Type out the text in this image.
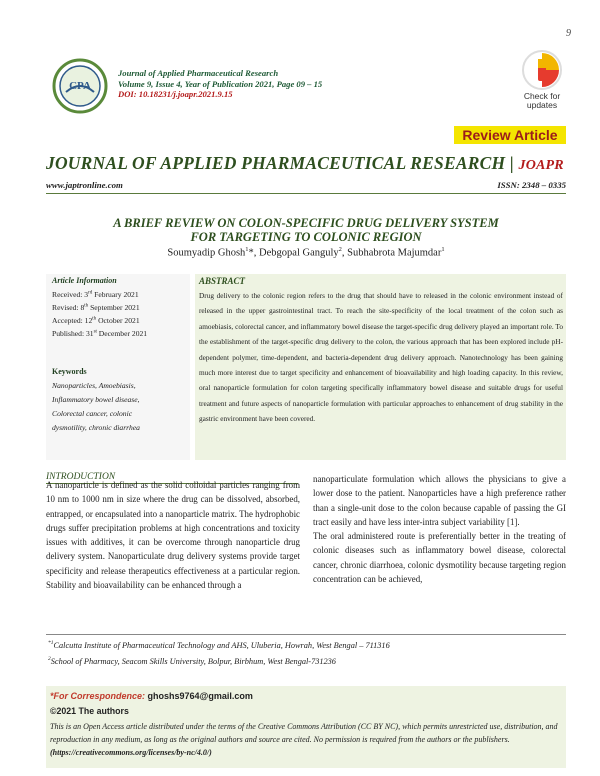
9
CPA
Journal of Applied Pharmaceutical Research
Volume 9, Issue 4, Year of Publication 2021, Page 09 – 15
DOI: 10.18231/j.joapr.2021.9.15	Check for
updates
Review Article
JOURNAL OF APPLIED PHARMACEUTICAL RESEARCH | JOAPR
www.japtronline.com	ISSN: 2348 – 0335
A BRIEF REVIEW ON COLON-SPECIFIC DRUG DELIVERY SYSTEM
FOR TARGETING TO COLONIC REGION
Soumyadip Ghosh$^1$*, Debgopal Ganguly$^2$, Subhabrota Majumdar$^1$
Article Information
Received: 3rd February 2021
Revised: 8th September 2021
Accepted: 12th October 2021
Published: 31st December 2021
Keywords
Nanoparticles, Amoebiasis,
Inflammatory bowel disease,
Colorectal cancer, colonic
dysmotility, chronic diarrhea
ABSTRACT
Drug delivery to the colonic region refers to the drug that should have to released in the colonic environment instead of released in the upper gastrointestinal tract. To reach the site-specificity of the local treatment of the colon such as amoebiasis, colorectal cancer, and inflammatory bowel disease the target-specific drug delivery played an important role. To the establishment of the target-specific drug delivery to the colon, the various approach that has been explored include pH-dependent polymer, time-dependent, and bacteria-dependent drug delivery approach. Nanotechnology has been gaining much more interest due to target specificity and enhancement of bioavailability and high loading capacity. In this review, oral nanoparticle formulation for colon targeting specifically inflammatory bowel disease and suitable drugs for useful treatment and future aspects of nanoparticle formulation with particular approaches to enhancement of drug stability in the gastric environment have been covered.
INTRODUCTION
A nanoparticle is defined as the solid colloidal particles ranging from 10 nm to 1000 nm in size where the drug can be dissolved, absorbed, entrapped, or encapsulated into a nanoparticle matrix. The hydrophobic drugs suffer precipitation problems at high concentrations and toxicity issues with additives, it can be overcome through nanoparticle drug delivery system. Nanoparticulate drug delivery systems provide target specificity and release therapeutics effectiveness at a particular region. Stability and bioavailability can be enhanced through a
nanoparticulate formulation which allows the physicians to give a lower dose to the patient. Nanoparticles have a high preference rather than a single-unit dose to the colon because capable of passing the GI tract easily and have less inter-intra subject variability [1].
The oral administered route is preferentially better in the treating of colonic diseases such as inflammatory bowel disease, colorectal cancer, chronic diarrhoea, colonic dysmotility because targeting region concentration can be achieved,
$^{*1}$Calcutta Institute of Pharmaceutical Technology and AHS, Uluberia, Howrah, West Bengal – 711316
$^2$School of Pharmacy, Seacom Skills University, Bolpur, Birbhum, West Bengal-731236
*For Correspondence: ghoshs9764@gmail.com
©2021 The authors
This is an Open Access article distributed under the terms of the Creative Commons Attribution (CC BY NC), which permits unrestricted use, distribution, and reproduction in any medium, as long as the original authors and source are cited. No permission is required from the authors or the publishers. (https://creativecommons.org/licenses/by-nc/4.0/)
